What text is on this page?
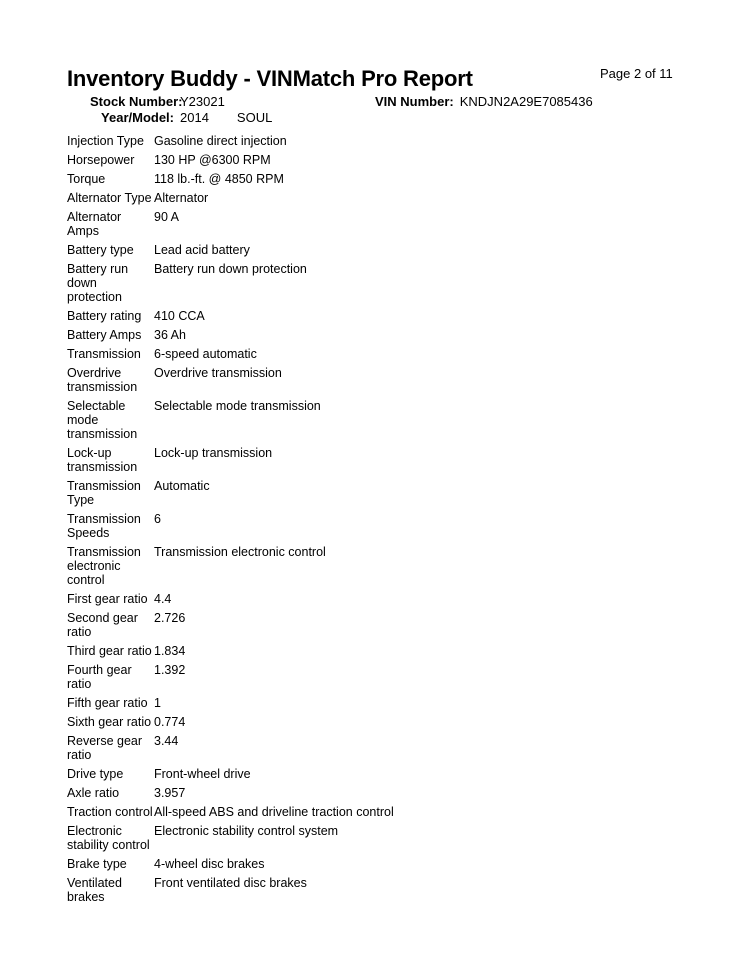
Inventory Buddy - VINMatch Pro Report	Page 2 of 11
Stock Number:Y23021
Year/Model: 2014 SOUL
VIN Number: KNDJN2A29E7085436
Injection Type	Gasoline direct injection
Horsepower	130 HP @6300 RPM
Torque	118 lb.-ft. @ 4850 RPM
Alternator Type	Alternator
Alternator Amps	90 A
Battery type	Lead acid battery
Battery run down protection	Battery run down protection
Battery rating	410 CCA
Battery Amps	36 Ah
Transmission	6-speed automatic
Overdrive transmission	Overdrive transmission
Selectable mode transmission	Selectable mode transmission
Lock-up transmission	Lock-up transmission
Transmission Type	Automatic
Transmission Speeds	6
Transmission electronic control	Transmission electronic control
First gear ratio	4.4
Second gear ratio	2.726
Third gear ratio	1.834
Fourth gear ratio	1.392
Fifth gear ratio	1
Sixth gear ratio	0.774
Reverse gear ratio	3.44
Drive type	Front-wheel drive
Axle ratio	3.957
Traction control	All-speed ABS and driveline traction control
Electronic stability control	Electronic stability control system
Brake type	4-wheel disc brakes
Ventilated brakes	Front ventilated disc brakes
